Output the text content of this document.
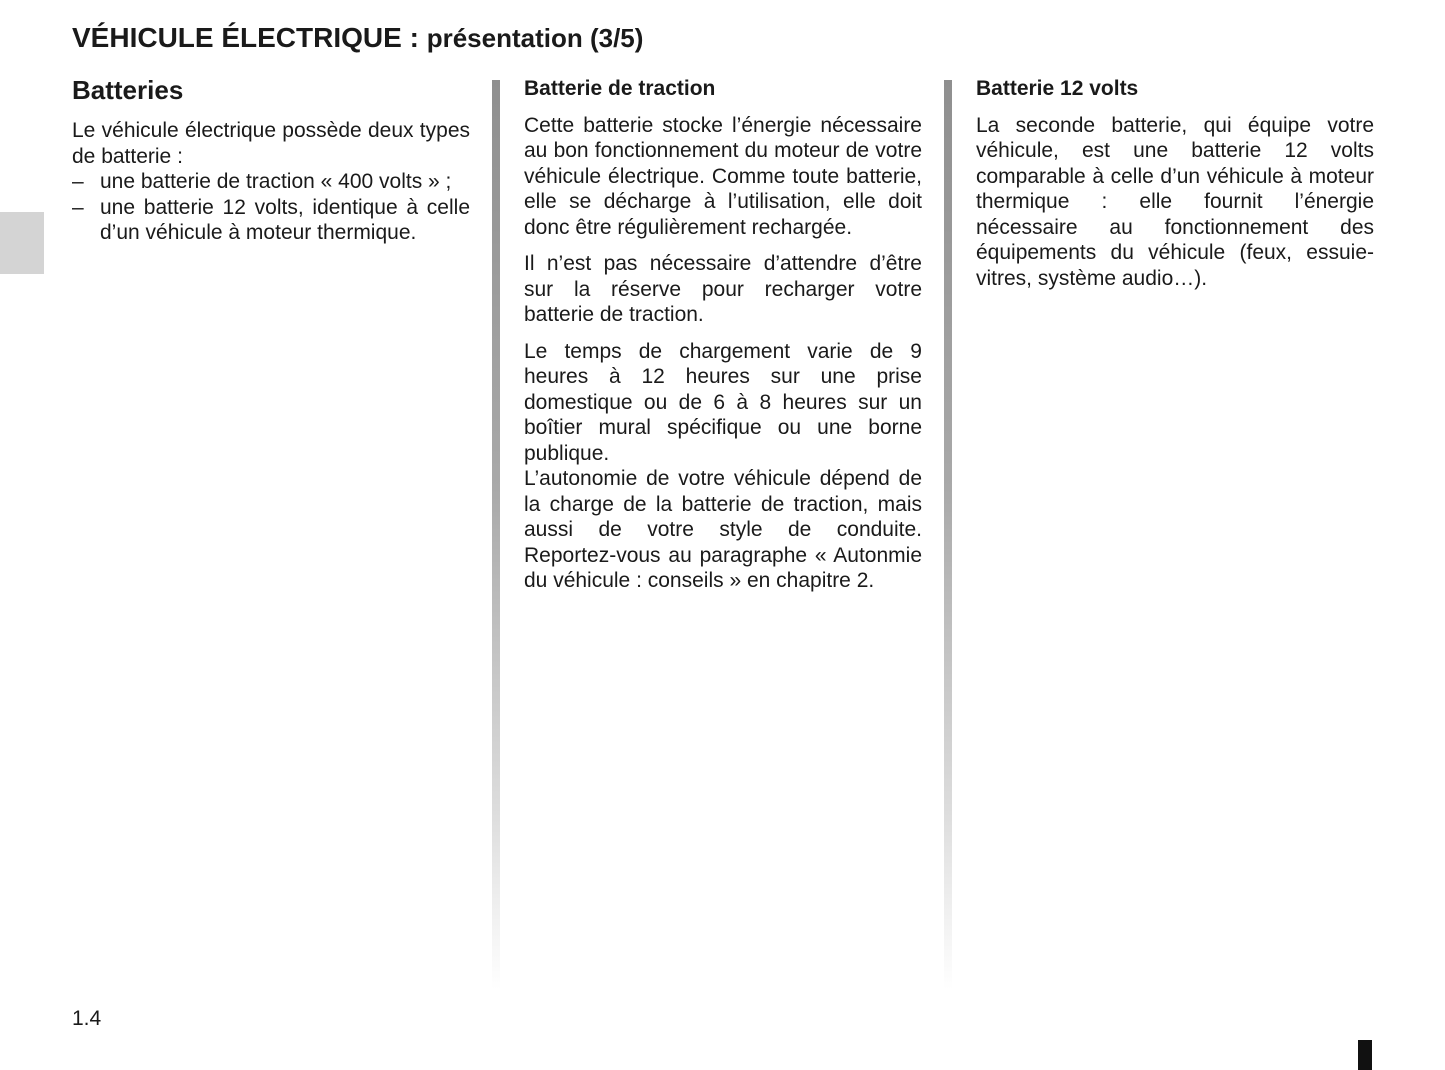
VÉHICULE ÉLECTRIQUE : présentation (3/5)
Batteries

Le véhicule électrique possède deux types de batterie :

– une batterie de traction « 400 volts » ;
– une batterie 12 volts, identique à celle d’un véhicule à moteur thermique.
Batterie de traction

Cette batterie stocke l’énergie nécessaire au bon fonctionnement du moteur de votre véhicule électrique. Comme toute batterie, elle se décharge à l’utilisation, elle doit donc être régulièrement rechargée.

Il n’est pas nécessaire d’attendre d’être sur la réserve pour recharger votre batterie de traction.

Le temps de chargement varie de 9 heures à 12 heures sur une prise domestique ou de 6 à 8 heures sur un boîtier mural spécifique ou une borne publique.

L’autonomie de votre véhicule dépend de la charge de la batterie de traction, mais aussi de votre style de conduite. Reportez-vous au paragraphe « Autonmie du véhicule : conseils » en chapitre 2.

Batterie 12 volts

La seconde batterie, qui équipe votre véhicule, est une batterie 12 volts comparable à celle d’un véhicule à moteur thermique : elle fournit l’énergie nécessaire au fonctionnement des équipements du véhicule (feux, essuie-vitres, système audio…).

1.4
